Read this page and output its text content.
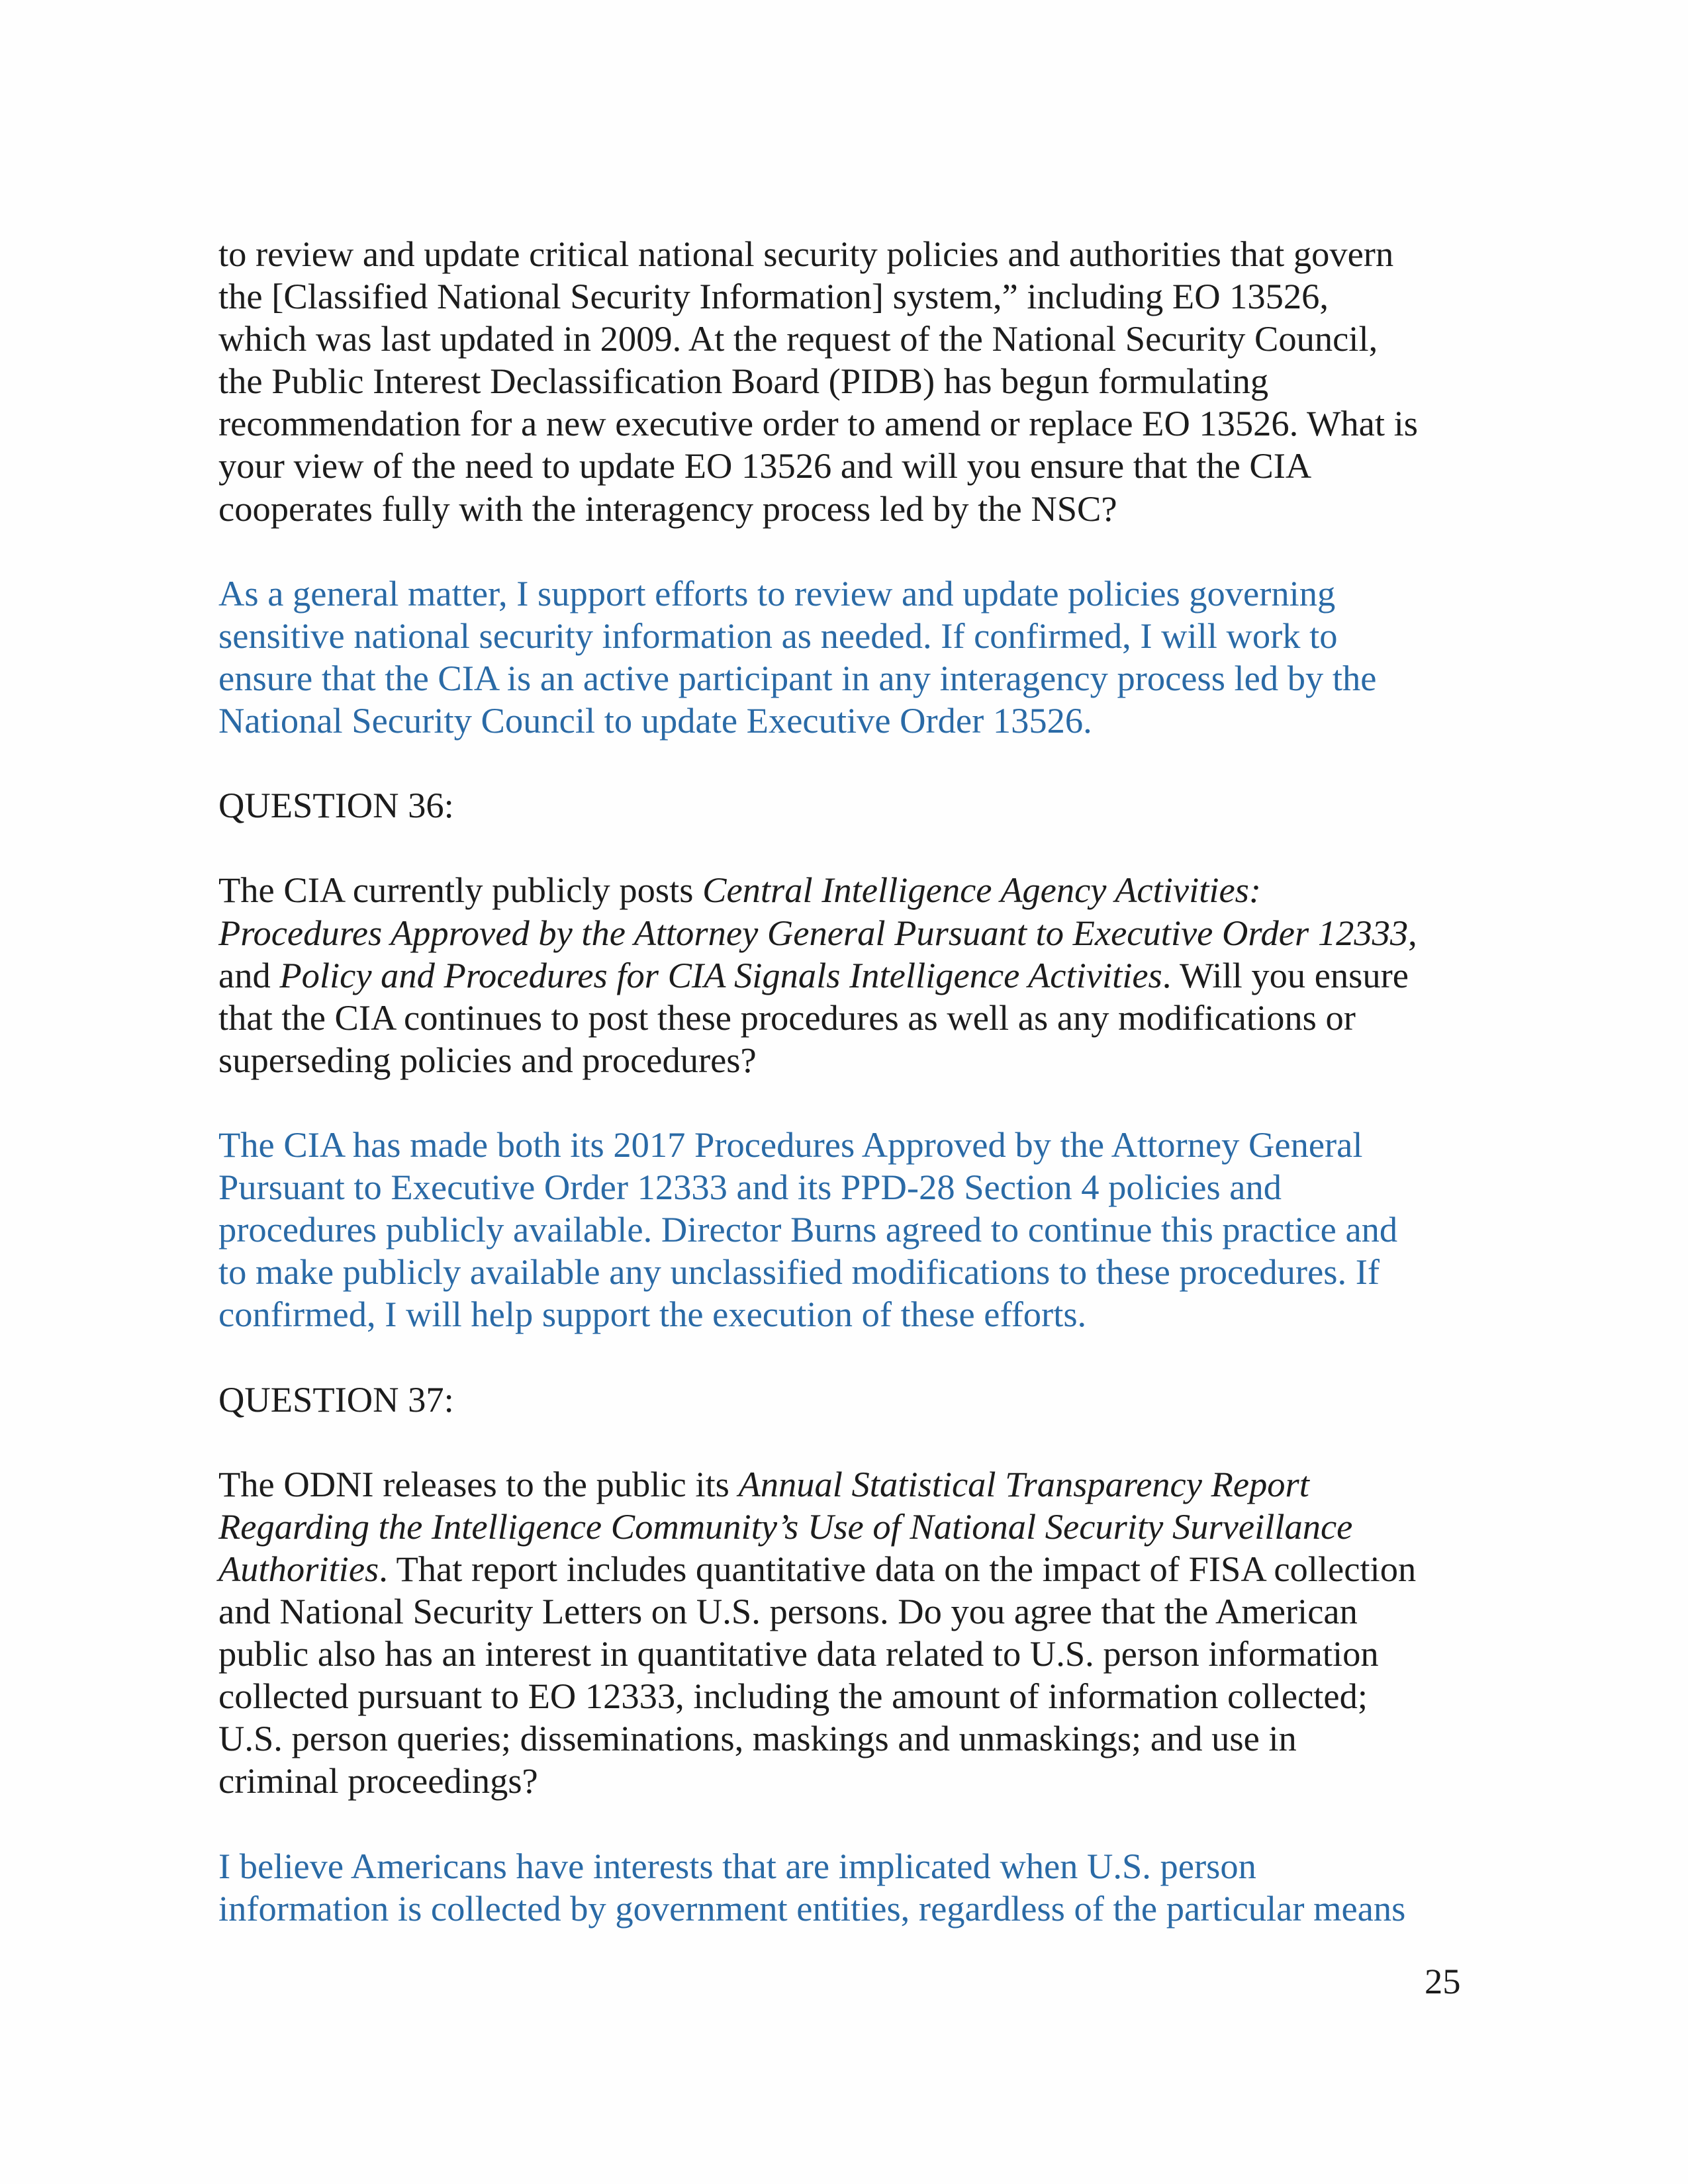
to review and update critical national security policies and authorities that govern
the [Classified National Security Information] system,” including EO 13526,
which was last updated in 2009. At the request of the National Security Council,
the Public Interest Declassification Board (PIDB) has begun formulating
recommendation for a new executive order to amend or replace EO 13526. What is
your view of the need to update EO 13526 and will you ensure that the CIA
cooperates fully with the interagency process led by the NSC?
As a general matter, I support efforts to review and update policies governing
sensitive national security information as needed. If confirmed, I will work to
ensure that the CIA is an active participant in any interagency process led by the
National Security Council to update Executive Order 13526.
QUESTION 36:
The CIA currently publicly posts Central Intelligence Agency Activities:
Procedures Approved by the Attorney General Pursuant to Executive Order 12333,
and Policy and Procedures for CIA Signals Intelligence Activities. Will you ensure
that the CIA continues to post these procedures as well as any modifications or
superseding policies and procedures?
The CIA has made both its 2017 Procedures Approved by the Attorney General
Pursuant to Executive Order 12333 and its PPD-28 Section 4 policies and
procedures publicly available. Director Burns agreed to continue this practice and
to make publicly available any unclassified modifications to these procedures. If
confirmed, I will help support the execution of these efforts.
QUESTION 37:
The ODNI releases to the public its Annual Statistical Transparency Report
Regarding the Intelligence Community’s Use of National Security Surveillance
Authorities. That report includes quantitative data on the impact of FISA collection
and National Security Letters on U.S. persons. Do you agree that the American
public also has an interest in quantitative data related to U.S. person information
collected pursuant to EO 12333, including the amount of information collected;
U.S. person queries; disseminations, maskings and unmaskings; and use in
criminal proceedings?
I believe Americans have interests that are implicated when U.S. person
information is collected by government entities, regardless of the particular means
25
